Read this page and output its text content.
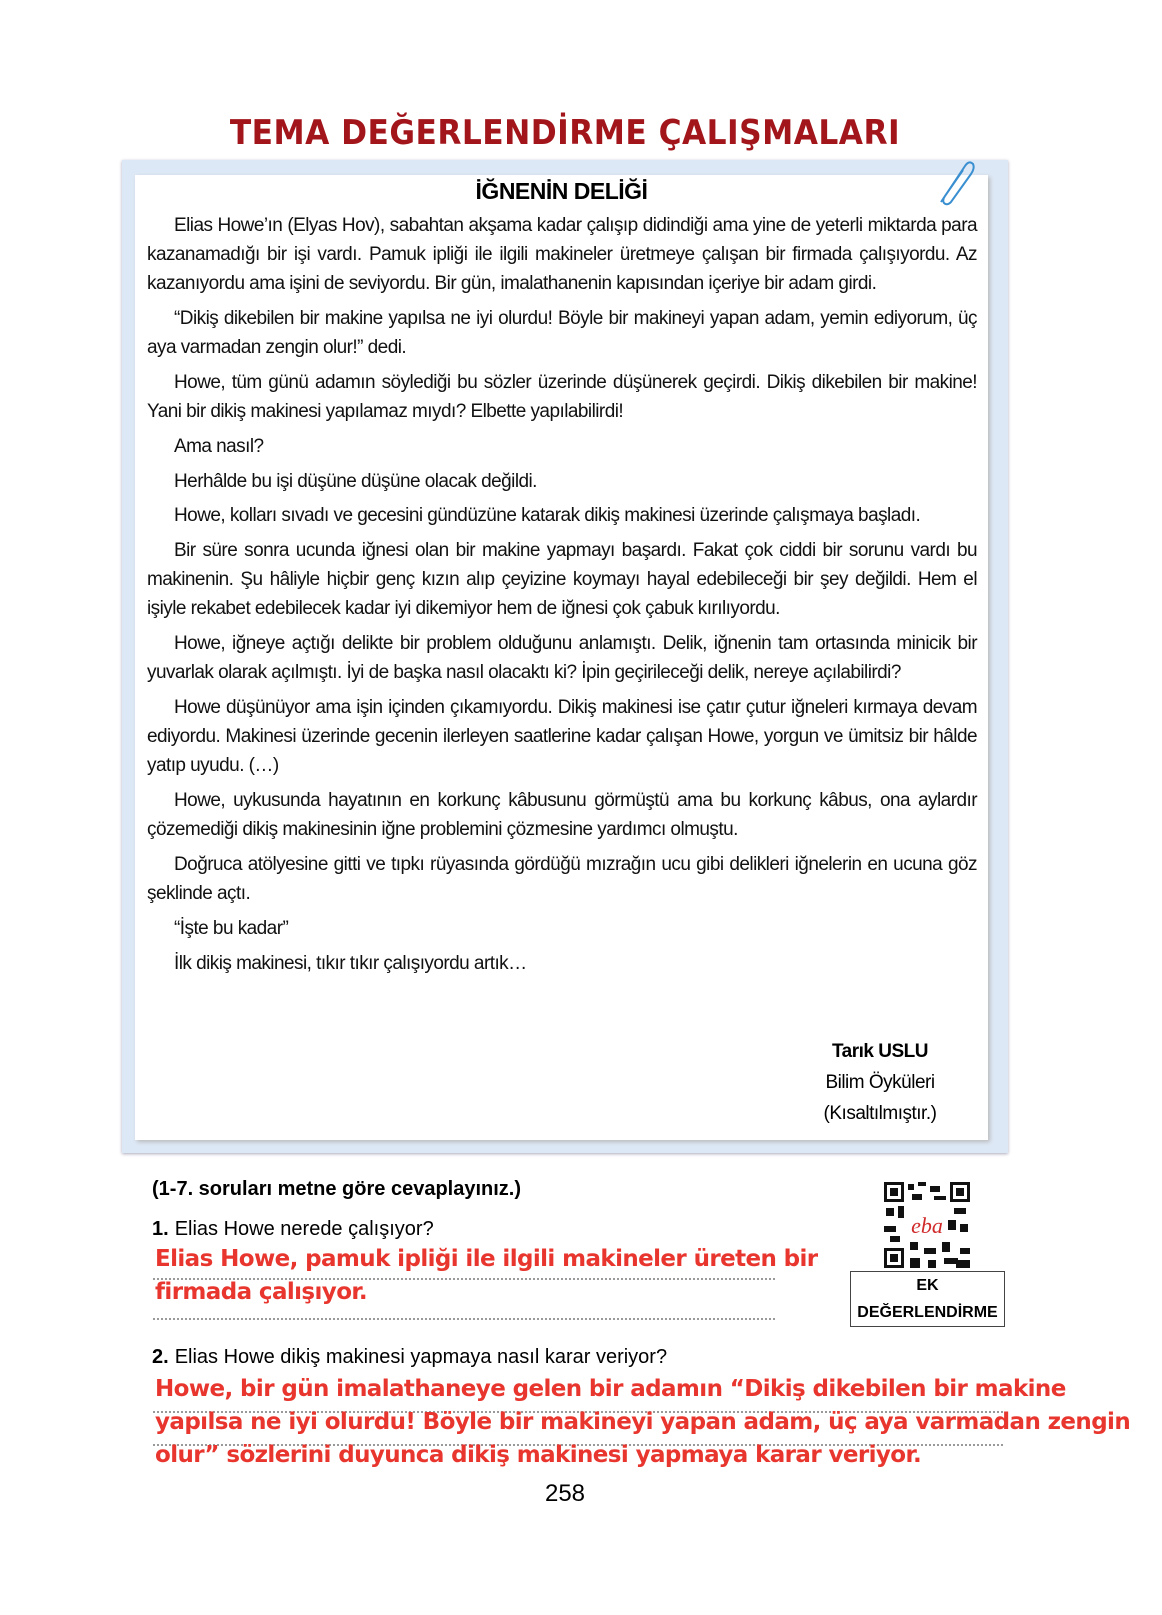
TEMA DEĞERLENDİRME ÇALIŞMALARI
İĞNENİN DELİĞİ

Elias Howe’ın (Elyas Hov), sabahtan akşama kadar çalışıp didindiği ama yine de yeterli miktarda para kazanamadığı bir işi vardı. Pamuk ipliği ile ilgili makineler üretmeye çalışan bir firmada çalışıyordu. Az kazanıyordu ama işini de seviyordu. Bir gün, imalathanenin kapısından içeriye bir adam girdi.

“Dikiş dikebilen bir makine yapılsa ne iyi olurdu! Böyle bir makineyi yapan adam, yemin ediyorum, üç aya varmadan zengin olur!” dedi.

Howe, tüm günü adamın söylediği bu sözler üzerinde düşünerek geçirdi. Dikiş dikebilen bir makine! Yani bir dikiş makinesi yapılamaz mıydı? Elbette yapılabilirdi!

Ama nasıl?

Herhâlde bu işi düşüne düşüne olacak değildi.

Howe, kolları sıvadı ve gecesini gündüzüne katarak dikiş makinesi üzerinde çalışmaya başladı.

Bir süre sonra ucunda iğnesi olan bir makine yapmayı başardı. Fakat çok ciddi bir sorunu vardı bu makinenin. Şu hâliyle hiçbir genç kızın alıp çeyizine koymayı hayal edebileceği bir şey değildi. Hem el işiyle rekabet edebilecek kadar iyi dikemiyor hem de iğnesi çok çabuk kırılıyordu.

Howe, iğneye açtığı delikte bir problem olduğunu anlamıştı. Delik, iğnenin tam ortasında minicik bir yuvarlak olarak açılmıştı. İyi de başka nasıl olacaktı ki? İpin geçirileceği delik, nereye açılabilirdi?

Howe düşünüyor ama işin içinden çıkamıyordu. Dikiş makinesi ise çatır çutur iğneleri kırmaya devam ediyordu. Makinesi üzerinde gecenin ilerleyen saatlerine kadar çalışan Howe, yorgun ve ümitsiz bir hâlde yatıp uyudu. (…)

Howe, uykusunda hayatının en korkunç kâbusunu görmüştü ama bu korkunç kâbus, ona aylardır çözemediği dikiş makinesinin iğne problemini çözmesine yardımcı olmuştu.

Doğruca atölyesine gitti ve tıpkı rüyasında gördüğü mızrağın ucu gibi delikleri iğnelerin en ucuna göz şeklinde açtı.

“İşte bu kadar”

İlk dikiş makinesi, tıkır tıkır çalışıyordu artık…

Tarık USLU
Bilim Öyküleri
(Kısaltılmıştır.)
(1-7. soruları metne göre cevaplayınız.)
1. Elias Howe nerede çalışıyor?
Elias Howe, pamuk ipliği ile ilgili makineler üreten bir
firmada çalışıyor.
eba
EK
DEĞERLENDİRME
2. Elias Howe dikiş makinesi yapmaya nasıl karar veriyor?
Howe, bir gün imalathaneye gelen bir adamın “Dikiş dikebilen bir makine
yapılsa ne iyi olurdu! Böyle bir makineyi yapan adam, üç aya varmadan zengin
olur” sözlerini duyunca dikiş makinesi yapmaya karar veriyor.
258
